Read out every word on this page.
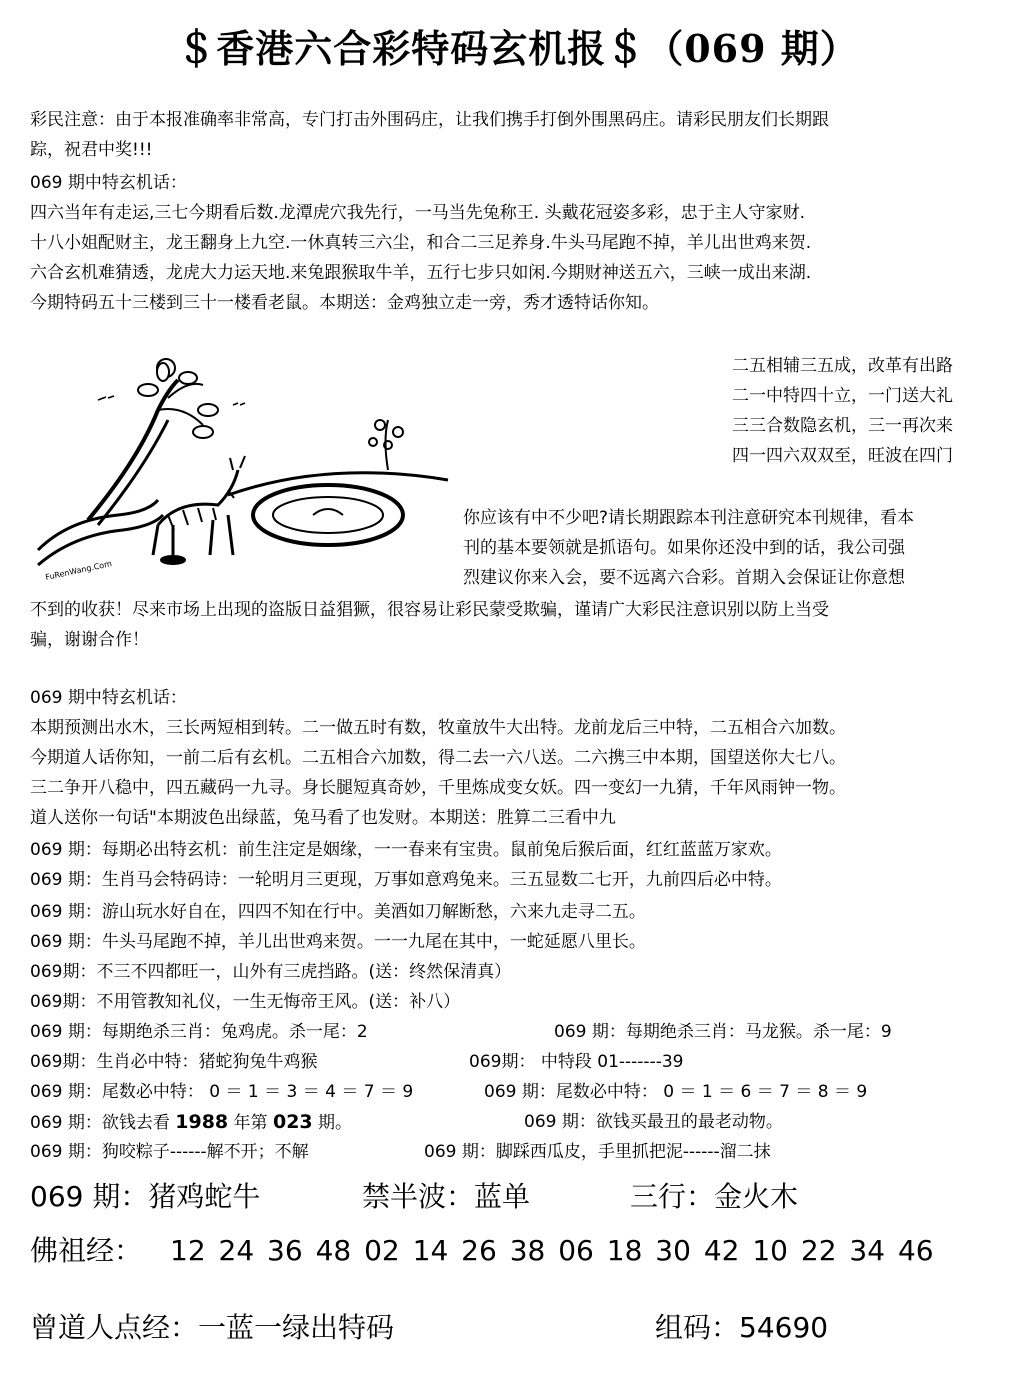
＄香港六合彩特码玄机报＄（069 期）
彩民注意：由于本报准确率非常高，专门打击外围码庄，让我们携手打倒外围黑码庄。请彩民朋友们长期跟
踪，祝君中奖!!!
069 期中特玄机话：
四六当年有走运,三七今期看后数.龙潭虎穴我先行，一马当先兔称王. 头戴花冠姿多彩，忠于主人守家财.
十八小姐配财主，龙王翻身上九空.一休真转三六尘，和合二三足养身.牛头马尾跑不掉，羊儿出世鸡来贺.
六合玄机难猜透，龙虎大力运天地.来兔跟猴取牛羊，五行七步只如闲.今期财神送五六，三峡一成出来湖.
今期特码五十三楼到三十一楼看老鼠。本期送：金鸡独立走一旁，秀才透特话你知。
FuRenWang.Com
二五相辅三五成，改革有出路
二一中特四十立，一门送大礼
三三合数隐玄机，三一再次来
四一四六双双至，旺波在四门
你应该有中不少吧?请长期跟踪本刊注意研究本刊规律，看本
刊的基本要领就是抓语句。如果你还没中到的话，我公司强
烈建议你来入会，要不远离六合彩。首期入会保证让你意想
不到的收获！尽来市场上出现的盗版日益猖獗，很容易让彩民蒙受欺骗，谨请广大彩民注意识别以防上当受
骗，谢谢合作！
069 期中特玄机话：
本期预测出水木，三长两短相到转。二一做五时有数，牧童放牛大出特。龙前龙后三中特，二五相合六加数。
今期道人话你知，一前二后有玄机。二五相合六加数，得二去一六八送。二六携三中本期，国望送你大七八。
三二争开八稳中，四五藏码一九寻。身长腿短真奇妙，千里炼成变女妖。四一变幻一九猜，千年风雨钟一物。
道人送你一句话"本期波色出绿蓝，兔马看了也发财。本期送：胜算二三看中九
069 期：每期必出特玄机：前生注定是姻缘，一一春来有宝贵。鼠前兔后猴后面，红红蓝蓝万家欢。
069 期：生肖马会特码诗：一轮明月三更现，万事如意鸡兔来。三五显数二七开，九前四后必中特。
069 期：游山玩水好自在，四四不知在行中。美酒如刀解断愁，六来九走寻二五。
069 期：牛头马尾跑不掉，羊儿出世鸡来贺。一一九尾在其中，一蛇延愿八里长。
069期：不三不四都旺一，山外有三虎挡路。(送：终然保清真）
069期：不用管教知礼仪，一生无悔帝王风。(送：补八）
069 期：每期绝杀三肖：兔鸡虎。杀一尾：2	069 期：每期绝杀三肖：马龙猴。杀一尾：9
069期：生肖必中特：猪蛇狗兔牛鸡猴	069期： 中特段 01-------39
069 期：尾数必中特： 0 ＝ 1 ＝ 3 ＝ 4 ＝ 7 ＝ 9	069 期：尾数必中特： 0 ＝ 1 ＝ 6 ＝ 7 ＝ 8 ＝ 9
069 期：欲钱去看 1988 年第 023 期。	069 期：欲钱买最丑的最老动物。
069 期：狗咬粽子------解不开；不解	069 期：脚踩西瓜皮，手里抓把泥------溜二抹
069 期：猪鸡蛇牛	禁半波：蓝单	三行：金火木
佛祖经： 12 24 36 48 02 14 26 38 06 18 30 42 10 22 34 46
曾道人点经：一蓝一绿出特码	组码：54690
